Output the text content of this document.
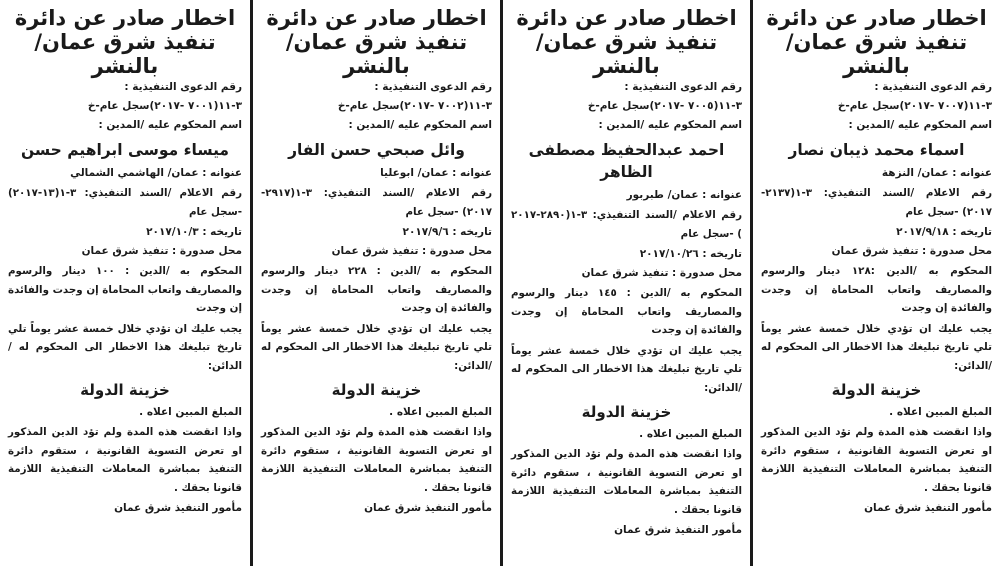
اخطار صادر عن دائرة تنفيذ شرق عمان/بالنشر
رقم الدعوى التنفيذية :
٣-١١(٧٠٠٧ -٢٠١٧)سجل عام-خ
اسم المحكوم عليه /المدين :
اسماء محمد ذيبان نصار
عنوانه : عمان/ النزهة
رقم الاعلام /السند التنفيذي: ٣-١(٢١٣٧- ٢٠١٧) -سجل عام
تاريخه : ٢٠١٧/٩/١٨
محل صدورة : تنفيذ شرق عمان
المحكوم به /الدين :١٢٨ دينار والرسوم والمصاريف واتعاب المحاماة إن وجدت والفائدة إن وجدت
يجب عليك ان تؤدي خلال خمسة عشر يوماً تلي تاريخ تبليغك هذا الاخطار الى المحكوم له /الدائن:
خزينة الدولة
المبلغ المبين اعلاه .
واذا انقضت هذه المدة ولم تؤد الدين المذكور او تعرض التسوية القانونية ، ستقوم دائرة التنفيذ بمباشرة المعاملات التنفيذية اللازمة قانونا بحقك .
مأمور التنفيذ شرق عمان
اخطار صادر عن دائرة تنفيذ شرق عمان/بالنشر
رقم الدعوى التنفيذية :
٣-١١(٧٠٠٥ -٢٠١٧)سجل عام-خ
اسم المحكوم عليه /المدين :
احمد عبدالحفيظ مصطفى الظاهر
عنوانه : عمان/ طبربور
رقم الاعلام /السند التنفيذي: ٣-١(٢٨٩٠-٢٠١٧ ) -سجل عام
تاريخه : ٢٠١٧/١٠/٢٦
محل صدورة : تنفيذ شرق عمان
المحكوم به /الدين : ١٤٥ دينار والرسوم والمصاريف واتعاب المحاماة إن وجدت والفائدة إن وجدت
يجب عليك ان تؤدي خلال خمسة عشر يوماً تلي تاريخ تبليغك هذا الاخطار الى المحكوم له /الدائن:
خزينة الدولة
المبلغ المبين اعلاه .
واذا انقضت هذه المدة ولم تؤد الدين المذكور او تعرض التسوية القانونية ، ستقوم دائرة التنفيذ بمباشرة المعاملات التنفيذية اللازمة قانونا بحقك .
مأمور التنفيذ شرق عمان
اخطار صادر عن دائرة تنفيذ شرق عمان/بالنشر
رقم الدعوى التنفيذية :
٣-١١(٧٠٠٢ -٢٠١٧)سجل عام-خ
اسم المحكوم عليه /المدين :
وائل صبحي حسن الفار
عنوانه : عمان/ ابوعليا
رقم الاعلام /السند التنفيذي: ٣-١(٢٩١٧- ٢٠١٧) -سجل عام
تاريخه : ٢٠١٧/٩/٦
محل صدورة : تنفيذ شرق عمان
المحكوم به /الدين : ٢٢٨ دينار والرسوم والمصاريف واتعاب المحاماة إن وجدت والفائدة إن وجدت
يجب عليك ان تؤدي خلال خمسة عشر يوماً تلي تاريخ تبليغك هذا الاخطار الى المحكوم له /الدائن:
خزينة الدولة
المبلغ المبين اعلاه .
واذا انقضت هذه المدة ولم تؤد الدين المذكور او تعرض التسوية القانونية ، ستقوم دائرة التنفيذ بمباشرة المعاملات التنفيذية اللازمة قانونا بحقك .
مأمور التنفيذ شرق عمان
اخطار صادر عن دائرة تنفيذ شرق عمان/بالنشر
رقم الدعوى التنفيذية :
٣-١١(٧٠٠١ -٢٠١٧)سجل عام-خ
اسم المحكوم عليه /المدين :
ميساء موسى ابراهيم حسن
عنوانه : عمان/ الهاشمي الشمالي
رقم الاعلام /السند التنفيذي: ٣-١(١٣-٢٠١٧) -سجل عام
تاريخه : ٢٠١٧/١٠/٣
محل صدورة : تنفيذ شرق عمان
المحكوم به /الدين : ١٠٠ دينار والرسوم والمصاريف واتعاب المحاماة إن وجدت والفائدة إن وجدت
يجب عليك ان تؤدي خلال خمسة عشر يوماً تلي تاريخ تبليغك هذا الاخطار الى المحكوم له /الدائن:
خزينة الدولة
المبلغ المبين اعلاه .
واذا انقضت هذه المدة ولم تؤد الدين المذكور او تعرض التسوية القانونية ، ستقوم دائرة التنفيذ بمباشرة المعاملات التنفيذية اللازمة قانونا بحقك .
مأمور التنفيذ شرق عمان
